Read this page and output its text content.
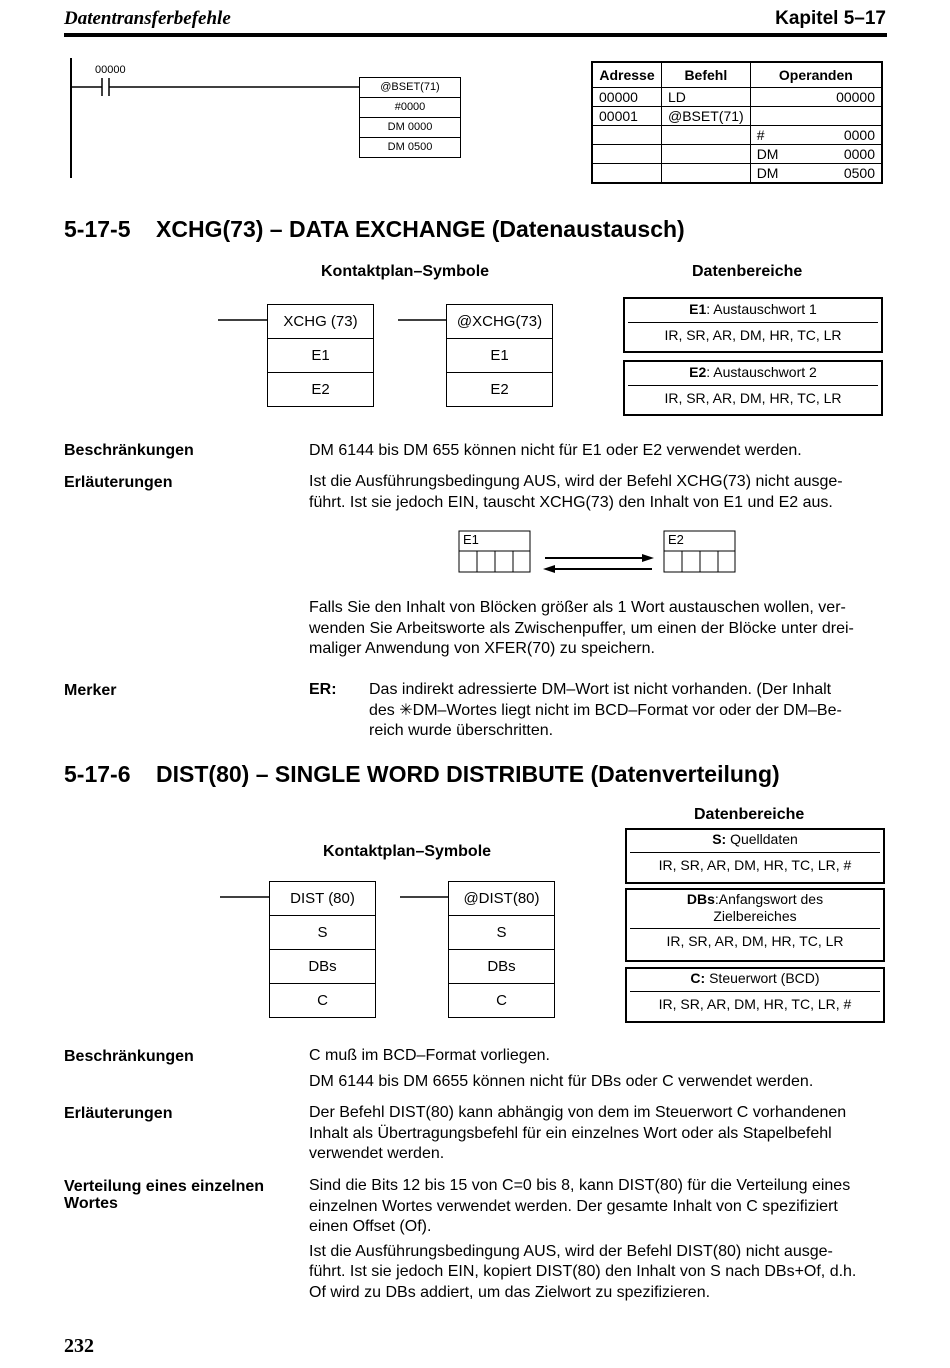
Datentransferbefehle	Kapitel 5–17
00000
@BSET(71)
#0000
DM 0000
DM 0500
Adresse	Befehl	Operanden	
00000	LD	00000	
00001	@BSET(71)		
		#	0000
		DM	0000
		DM	0500
5-17-5    XCHG(73) – DATA EXCHANGE (Datenaustausch)
Kontaktplan–Symbole	Datenbereiche
XCHG (73)
E1
E2
@XCHG(73)
E1
E2
E1: Austauschwort 1
IR, SR, AR, DM, HR, TC, LR
E2: Austauschwort 2
IR, SR, AR, DM, HR, TC, LR
Beschränkungen	DM 6144 bis DM 655 können nicht für E1 oder E2 verwendet werden.
Erläuterungen	Ist die Ausführungsbedingung AUS, wird der Befehl XCHG(73) nicht ausge-
führt. Ist sie jedoch EIN, tauscht XCHG(73) den Inhalt von E1 und E2 aus.
E1	E2
Falls Sie den Inhalt von Blöcken größer als 1 Wort austauschen wollen, ver-
wenden Sie Arbeitsworte als Zwischenpuffer, um einen der Blöcke unter drei-
maliger Anwendung von XFER(70) zu speichern.
Merker	ER: Das indirekt adressierte DM–Wort ist nicht vorhanden. (Der Inhalt
des ✳DM–Wortes liegt nicht im BCD–Format vor oder der DM–Be-
reich wurde überschritten.
5-17-6    DIST(80) – SINGLE WORD DISTRIBUTE (Datenverteilung)
Datenbereiche
Kontaktplan–Symbole
DIST (80)
S
DBs
C
@DIST(80)
S
DBs
C
S: Quelldaten
IR, SR, AR, DM, HR, TC, LR, #
DBs:Anfangswort des
Zielbereiches
IR, SR, AR, DM, HR, TC, LR
C: Steuerwort (BCD)
IR, SR, AR, DM, HR, TC, LR, #
Beschränkungen	C muß im BCD–Format vorliegen.
DM 6144 bis DM 6655 können nicht für DBs oder C verwendet werden.
Erläuterungen	Der Befehl DIST(80) kann abhängig von dem im Steuerwort C vorhandenen
Inhalt als Übertragungsbefehl für ein einzelnes Wort oder als Stapelbefehl
verwendet werden.
Verteilung eines einzelnen
Wortes
Sind die Bits 12 bis 15 von C=0 bis 8, kann DIST(80) für die Verteilung eines
einzelnen Wortes verwendet werden. Der gesamte Inhalt von C spezifiziert
einen Offset (Of).
Ist die Ausführungsbedingung AUS, wird der Befehl DIST(80) nicht ausge-
führt. Ist sie jedoch EIN, kopiert DIST(80) den Inhalt von S nach DBs+Of, d.h.
Of wird zu DBs addiert, um das Zielwort zu spezifizieren.
232
